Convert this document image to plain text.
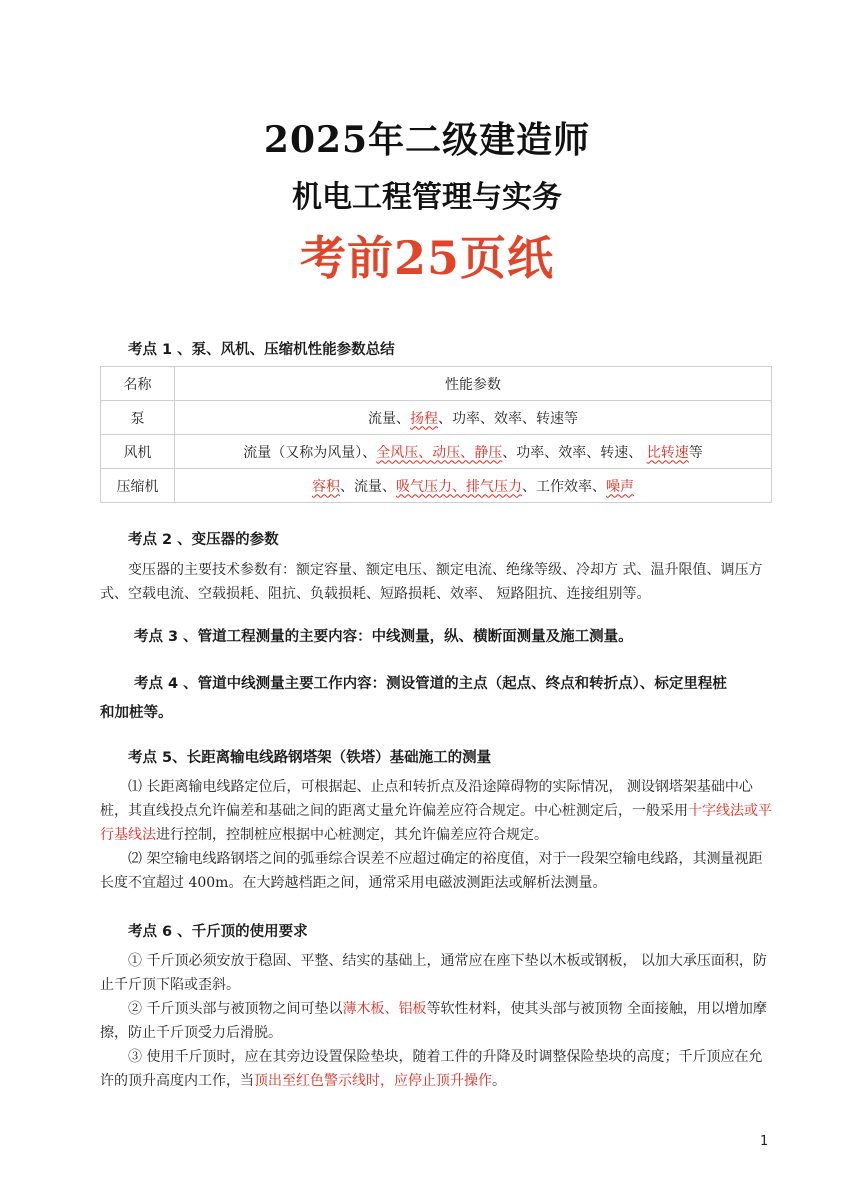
2025年二级建造师
机电工程管理与实务
考前25页纸
考点 1 、泵、风机、压缩机性能参数总结
名称	性能参数
泵	流量、扬程、功率、效率、转速等
风机	流量（又称为风量）、全风压、动压、静压、功率、效率、转速、 比转速等
压缩机	容积、流量、吸气压力、排气压力、工作效率、噪声
考点 2 、变压器的参数

变压器的主要技术参数有：额定容量、额定电压、额定电流、绝缘等级、冷却方 式、温升限值、调压方式、空载电流、空载损耗、阻抗、负载损耗、短路损耗、效率、 短路阻抗、连接组别等。

考点 3 、管道工程测量的主要内容：中线测量，纵、横断面测量及施工测量。
考点 4 、管道中线测量主要工作内容：测设管道的主点（起点、终点和转折点）、标定里程桩
和加桩等。
考点 5、长距离输电线路钢塔架（铁塔）基础施工的测量

⑴ 长距离输电线路定位后，可根据起、止点和转折点及沿途障碍物的实际情况， 测设钢塔架基础中心桩，其直线投点允许偏差和基础之间的距离丈量允许偏差应符合规定。中心桩测定后，一般采用十字线法或平行基线法进行控制，控制桩应根据中心桩测定，其允许偏差应符合规定。

⑵ 架空输电线路钢塔之间的弧垂综合误差不应超过确定的裕度值，对于一段架空输电线路，其测量视距长度不宜超过 400m。在大跨越档距之间，通常采用电磁波测距法或解析法测量。

考点 6 、千斤顶的使用要求

① 千斤顶必须安放于稳固、平整、结实的基础上，通常应在座下垫以木板或钢板， 以加大承压面积，防止千斤顶下陷或歪斜。

② 千斤顶头部与被顶物之间可垫以薄木板、铝板等软性材料，使其头部与被顶物 全面接触，用以增加摩擦，防止千斤顶受力后滑脱。

③ 使用千斤顶时，应在其旁边设置保险垫块，随着工件的升降及时调整保险垫块的高度；千斤顶应在允许的顶升高度内工作，当顶出至红色警示线时，应停止顶升操作。

1
